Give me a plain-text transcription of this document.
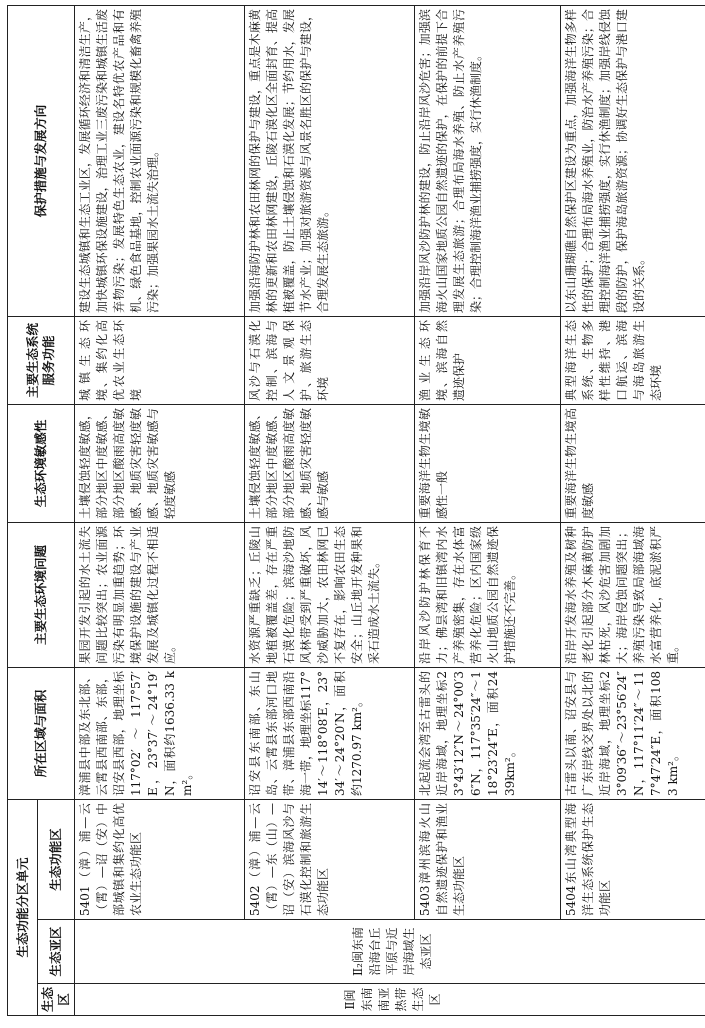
生态功能分区单元			所在区域与面积	主要生态环境问题	生态环境敏感性	主要生态系统服务功能	保护措施与发展方向
生态区	生态亚区	生态功能区					
Ⅱ闽东南南亚热带生态区	Ⅱ₂闽东南沿海台丘平原与近岸海域生态亚区	5401（漳）浦—云（霄）—诏（安）中部城镇和集约化高优农业生态功能区	漳浦县中部及东北部、云霄县西南部、东部，诏安县西部，地理坐标117°02′～117°57′E，23°37′～24°19′N，面积约1636.33 km²。	果园开发引起的水土流失问题比较突出；农业面源污染有明显加重趋势；环境保护设施的建设与产业发展及城镇化过程不相适应。	土壤侵蚀轻度敏感，部分地区中度敏感、部分地区酸雨高度敏感、地质灾害轻度敏感、地质灾害敏感与轻度敏感	城镇生态环境、集约化高优农业生态环境	建设生态城镇和生态工业区，发展循环经济和清洁生产，加快城镇环保设施建设，治理工业三废污染和城镇生活废弃物污染；发展特色生态农业，建设名特优农产品和有机、绿色食品基地，控制农业面源污染和规模化畜禽养殖污染；加强果园水土流失治理。
		5402（漳）浦—云（霄）—东（山）—诏（安）滨海风沙与石漠化控制和旅游生态功能区	诏安县东南部、东山岛、云霄县东部河口地带、漳浦县东部西南沿海一带，地理坐标117°14′～118°08′E，23°34′～24°20′N，面积约1270.97 km²。	水资源严重缺乏；丘陵山地植被覆盖差，存在严重石漠化危险；滨海沙地防风林带受到严重破坏，风沙威胁加大，农田林网已不复存在，影响农田生态安全；山丘地开发种果和采石造成水土流失。	土壤侵蚀轻度敏感、部分地区中度敏感、部分地区酸雨高度敏感、地质灾害轻度敏感与敏感	风沙与石漠化控制、滨海与人文景观保护、旅游生态环境	加强沿海防护林和农田林网的保护与建设，重点是木麻黄林的更新和农田林网建设，丘陵石漠化区全面封育、提高植被覆盖，防止土壤侵蚀和石漠化发展；节约用水，发展节水产业；加强对旅游资源与风景名胜区的保护与建设，合理发展生态旅游。
		5403漳州滨海火山自然遗迹保护和渔业生态功能区	北起流会湾至古雷头的近岸海域，地理坐标23°43′12″N～24°00′36″N，117°35′24″～118°23′24″E，面积2439km²。	沿岸风沙防护林保育不力；佛昙湾和旧镇湾内水产养殖密集，存在水体富营养化危险；区内国家级火山地质公园自然遗迹保护措施还不完善。	重要海洋生物生境敏感性一般	渔业生态环境、滨海自然遗迹保护	加强沿岸风沙防护林的建设，防止沿岸风沙危害；加强滨海火山国家地质公园自然遗迹的保护，在保护的前提下合理发展生态旅游；合理布局海水养殖、防止水产养殖污染；合理控制海洋渔业捕捞强度，实行休渔制度。
		5404东山湾典型海洋生态系统保护生态功能区	古雷头以南、诏安县与广东岸线交界处以北的近岸海域，地理坐标23°09′36″～23°56′24″N，117°11′24″～117°47′24″E，面积1083 km²。	沿岸开发海水养殖及树种老化引起部分木麻黄防护林枯死，风沙危害加剧加大；海岸侵蚀问题突出；养殖污染导致局部海域海水富营养化，底泥淤积严重。	重要海洋生物生境高度敏感	典型海洋生态系统、生物多样性维持、港口航运、滨海与海岛旅游生态环境	以东山珊瑚礁自然保护区建设为重点，加强海洋生物多样性的保护；合理布局海水养殖业，防治水产养殖污染；合理控制海洋渔业捕捞强度，实行休渔制度；加强岸线侵蚀段的防护，保护海岛旅游资源；协调好生态保护与港口建设的关系。
